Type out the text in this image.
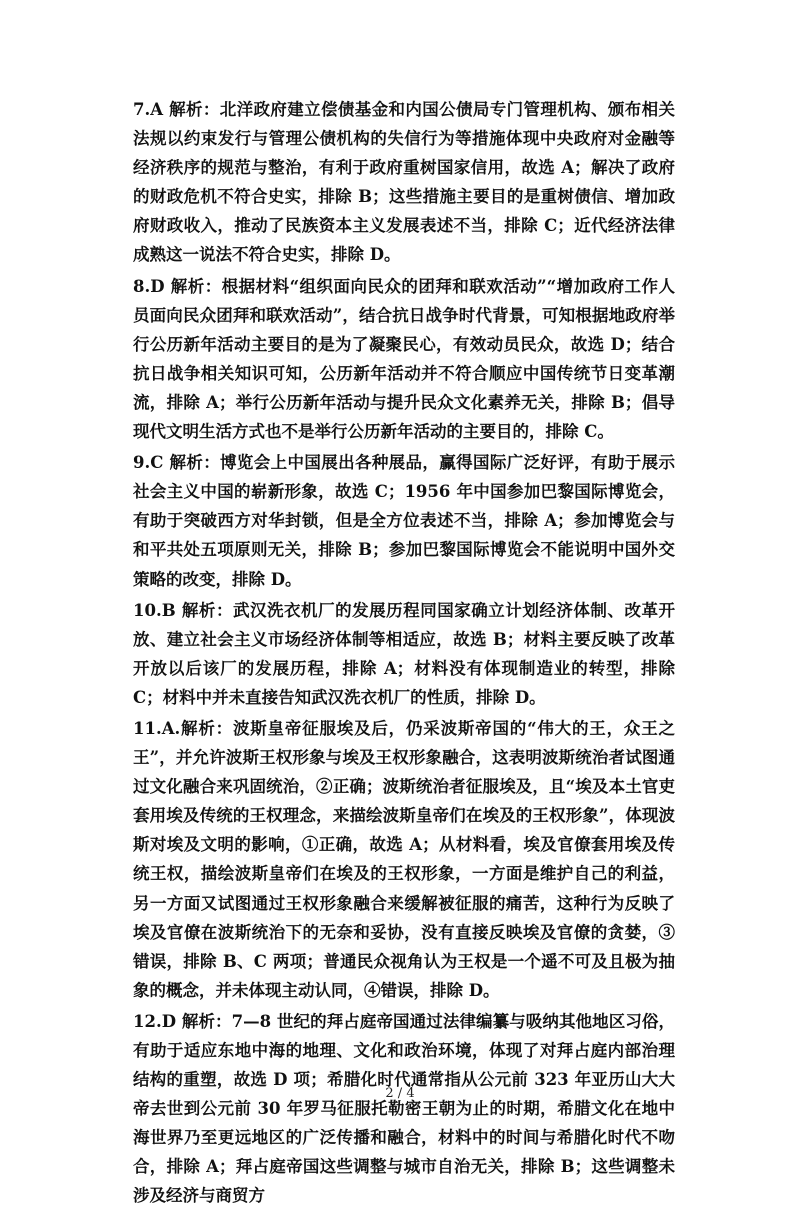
7.A 解析：北洋政府建立偿债基金和内国公债局专门管理机构、颁布相关法规以约束发行与管理公债机构的失信行为等措施体现中央政府对金融等经济秩序的规范与整治，有利于政府重树国家信用，故选 A；解决了政府的财政危机不符合史实，排除 B；这些措施主要目的是重树债信、增加政府财政收入，推动了民族资本主义发展表述不当，排除 C；近代经济法律成熟这一说法不符合史实，排除 D。

8.D 解析：根据材料“组织面向民众的团拜和联欢活动”“增加政府工作人员面向民众团拜和联欢活动”，结合抗日战争时代背景，可知根据地政府举行公历新年活动主要目的是为了凝聚民心，有效动员民众，故选 D；结合抗日战争相关知识可知，公历新年活动并不符合顺应中国传统节日变革潮流，排除 A；举行公历新年活动与提升民众文化素养无关，排除 B；倡导现代文明生活方式也不是举行公历新年活动的主要目的，排除 C。

9.C 解析：博览会上中国展出各种展品，赢得国际广泛好评，有助于展示社会主义中国的崭新形象，故选 C；1956 年中国参加巴黎国际博览会，有助于突破西方对华封锁，但是全方位表述不当，排除 A；参加博览会与和平共处五项原则无关，排除 B；参加巴黎国际博览会不能说明中国外交策略的改变，排除 D。

10.B 解析：武汉洗衣机厂的发展历程同国家确立计划经济体制、改革开放、建立社会主义市场经济体制等相适应，故选 B；材料主要反映了改革开放以后该厂的发展历程，排除 A；材料没有体现制造业的转型，排除 C；材料中并未直接告知武汉洗衣机厂的性质，排除 D。

11.A.解析：波斯皇帝征服埃及后，仍采波斯帝国的“伟大的王，众王之王”，并允许波斯王权形象与埃及王权形象融合，这表明波斯统治者试图通过文化融合来巩固统治，②正确；波斯统治者征服埃及，且“埃及本土官吏套用埃及传统的王权理念，来描绘波斯皇帝们在埃及的王权形象”，体现波斯对埃及文明的影响，①正确，故选 A；从材料看，埃及官僚套用埃及传统王权，描绘波斯皇帝们在埃及的王权形象，一方面是维护自己的利益，另一方面又试图通过王权形象融合来缓解被征服的痛苦，这种行为反映了埃及官僚在波斯统治下的无奈和妥协，没有直接反映埃及官僚的贪婪，③错误，排除 B、C 两项；普通民众视角认为王权是一个遥不可及且极为抽象的概念，并未体现主动认同，④错误，排除 D。

12.D 解析：7—8 世纪的拜占庭帝国通过法律编纂与吸纳其他地区习俗，有助于适应东地中海的地理、文化和政治环境，体现了对拜占庭内部治理结构的重塑，故选 D 项；希腊化时代通常指从公元前 323 年亚历山大大帝去世到公元前 30 年罗马征服托勒密王朝为止的时期，希腊文化在地中海世界乃至更远地区的广泛传播和融合，材料中的时间与希腊化时代不吻合，排除 A；拜占庭帝国这些调整与城市自治无关，排除 B；这些调整未涉及经济与商贸方

2 / 4
